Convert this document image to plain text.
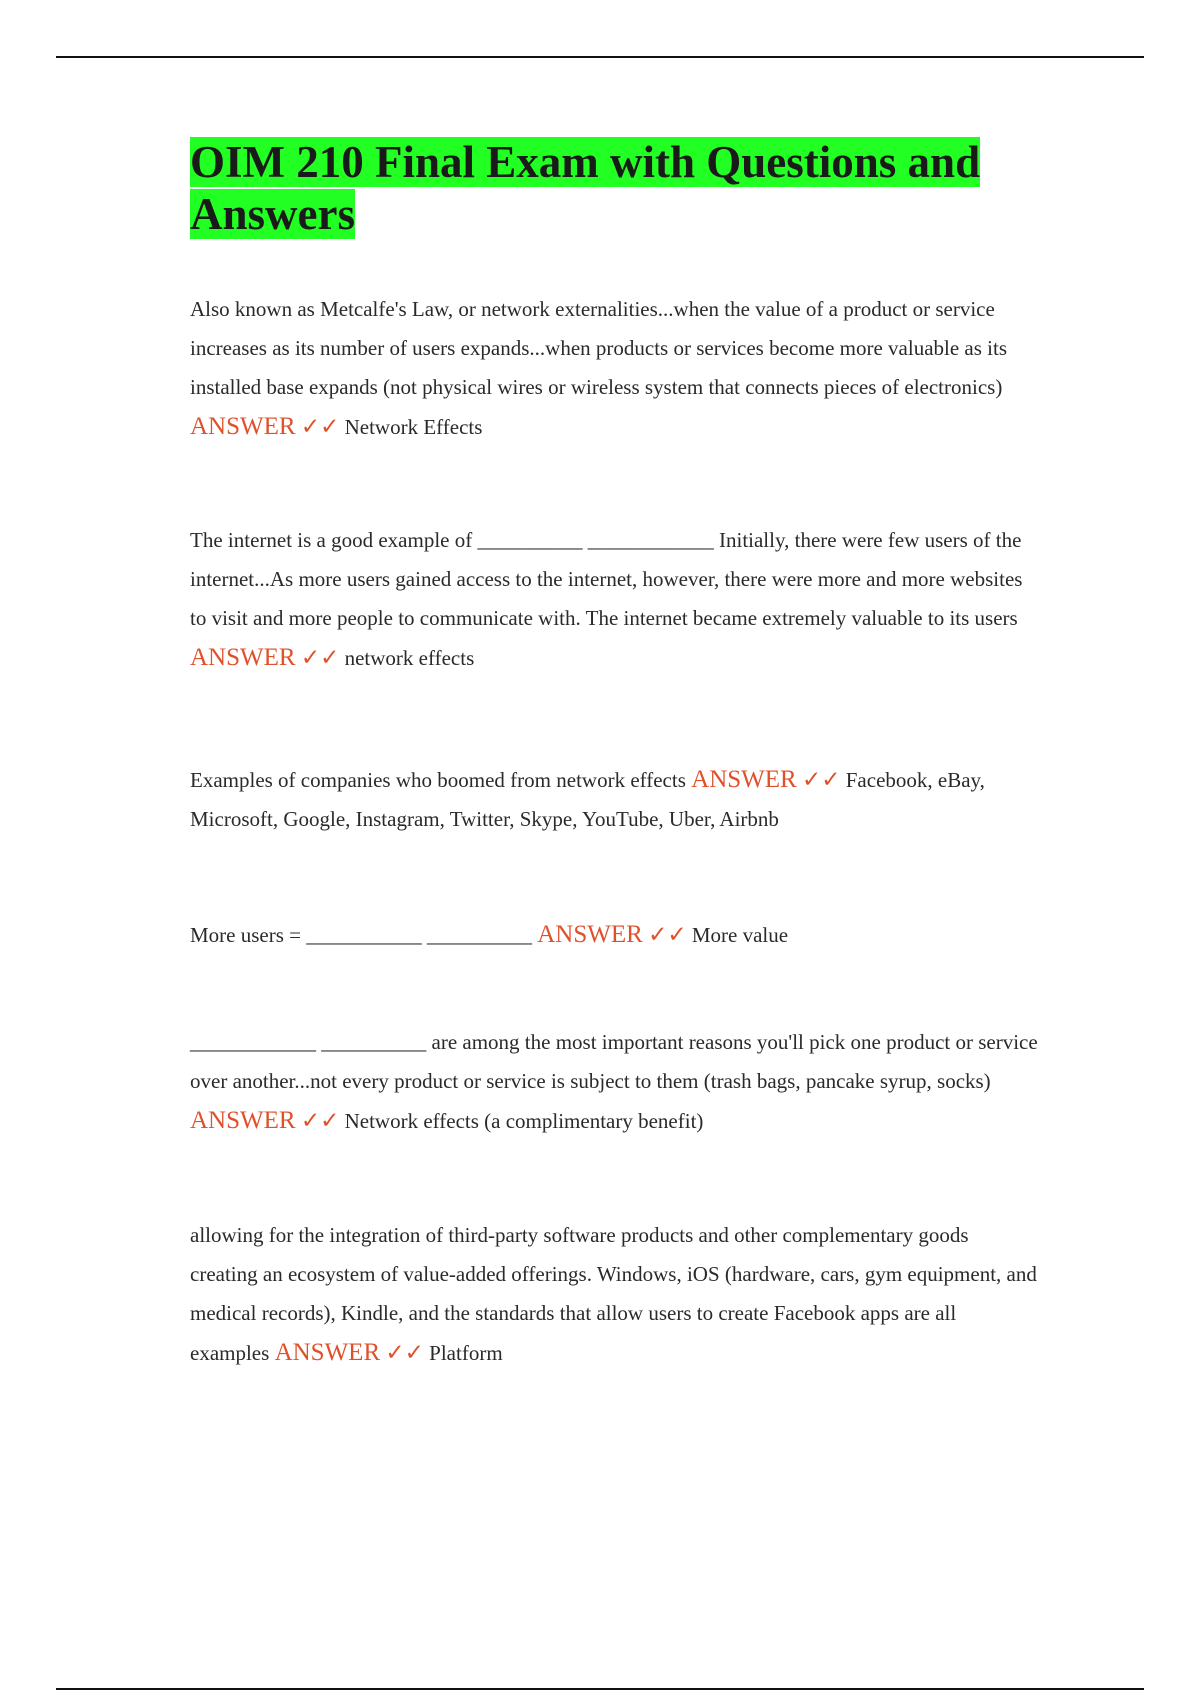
OIM 210 Final Exam with Questions and Answers

Also known as Metcalfe's Law, or network externalities...when the value of a product or service increases as its number of users expands...when products or services become more valuable as its installed base expands (not physical wires or wireless system that connects pieces of electronics) ANSWER ✓✓ Network Effects

The internet is a good example of __________ ____________ Initially, there were few users of the internet...As more users gained access to the internet, however, there were more and more websites to visit and more people to communicate with. The internet became extremely valuable to its users ANSWER ✓✓ network effects

Examples of companies who boomed from network effects ANSWER ✓✓ Facebook, eBay, Microsoft, Google, Instagram, Twitter, Skype, YouTube, Uber, Airbnb

More users = ___________ __________ ANSWER ✓✓ More value

____________ __________ are among the most important reasons you'll pick one product or service over another...not every product or service is subject to them (trash bags, pancake syrup, socks) ANSWER ✓✓ Network effects (a complimentary benefit)

allowing for the integration of third-party software products and other complementary goods creating an ecosystem of value-added offerings. Windows, iOS (hardware, cars, gym equipment, and medical records), Kindle, and the standards that allow users to create Facebook apps are all examples ANSWER ✓✓ Platform
